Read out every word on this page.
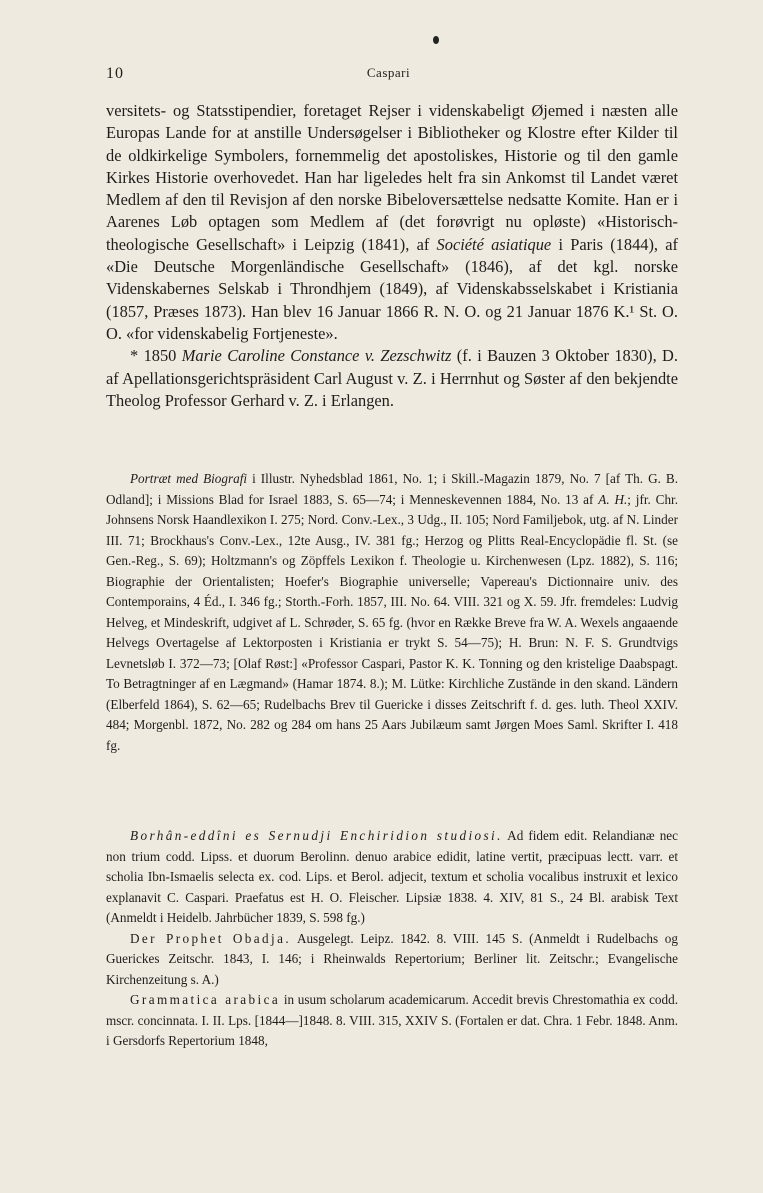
10	Caspari

versitets- og Statsstipendier, foretaget Rejser i videnskabeligt Øjemed i næsten alle Europas Lande for at anstille Undersøgelser i Bibliotheker og Klostre efter Kilder til de oldkirkelige Symbolers, fornemmelig det apostoliskes, Historie og til den gamle Kirkes Historie overhovedet. Han har ligeledes helt fra sin Ankomst til Landet været Medlem af den til Revisjon af den norske Bibeloversættelse nedsatte Komite. Han er i Aarenes Løb optagen som Medlem af (det forøvrigt nu opløste) «Historisch-theologische Gesellschaft» i Leipzig (1841), af Société asiatique i Paris (1844), af «Die Deutsche Morgenländische Gesellschaft» (1846), af det kgl. norske Videnskabernes Selskab i Throndhjem (1849), af Videnskabsselskabet i Kristiania (1857, Præses 1873). Han blev 16 Januar 1866 R. N. O. og 21 Januar 1876 K.¹ St. O. O. «for videnskabelig Fortjeneste».

* 1850 Marie Caroline Constance v. Zezschwitz (f. i Bauzen 3 Oktober 1830), D. af Apellationsgerichtspräsident Carl August v. Z. i Herrnhut og Søster af den bekjendte Theolog Professor Gerhard v. Z. i Erlangen.

Portræt med Biografi i Illustr. Nyhedsblad 1861, No. 1; i Skill.-Magazin 1879, No. 7 [af Th. G. B. Odland]; i Missions Blad for Israel 1883, S. 65—74; i Menneskevennen 1884, No. 13 af A. H.; jfr. Chr. Johnsens Norsk Haandlexikon I. 275; Nord. Conv.-Lex., 3 Udg., II. 105; Nord Familjebok, utg. af N. Linder III. 71; Brockhaus's Conv.-Lex., 12te Ausg., IV. 381 fg.; Herzog og Plitts Real-Encyclopädie fl. St. (se Gen.-Reg., S. 69); Holtzmann's og Zöpffels Lexikon f. Theologie u. Kirchenwesen (Lpz. 1882), S. 116; Biographie der Orientalisten; Hoefer's Biographie universelle; Vapereau's Dictionnaire univ. des Contemporains, 4 Éd., I. 346 fg.; Storth.-Forh. 1857, III. No. 64. VIII. 321 og X. 59. Jfr. fremdeles: Ludvig Helveg, et Mindeskrift, udgivet af L. Schrøder, S. 65 fg. (hvor en Række Breve fra W. A. Wexels angaaende Helvegs Overtagelse af Lektorposten i Kristiania er trykt S. 54—75); H. Brun: N. F. S. Grundtvigs Levnetsløb I. 372—73; [Olaf Røst:] «Professor Caspari, Pastor K. K. Tonning og den kristelige Daabspagt. To Betragtninger af en Lægmand» (Hamar 1874. 8.); M. Lütke: Kirchliche Zustände in den skand. Ländern (Elberfeld 1864), S. 62—65; Rudelbachs Brev til Guericke i disses Zeitschrift f. d. ges. luth. Theol XXIV. 484; Morgenbl. 1872, No. 282 og 284 om hans 25 Aars Jubilæum samt Jørgen Moes Saml. Skrifter I. 418 fg.

Borhân-eddîni es Sernudji Enchiridion studiosi. Ad fidem edit. Relandianæ nec non trium codd. Lipss. et duorum Berolinn. denuo arabice edidit, latine vertit, præcipuas lectt. varr. et scholia Ibn-Ismaelis selecta ex. cod. Lips. et Berol. adjecit, textum et scholia vocalibus instruxit et lexico explanavit C. Caspari. Praefatus est H. O. Fleischer. Lipsiæ 1838. 4. XIV, 81 S., 24 Bl. arabisk Text (Anmeldt i Heidelb. Jahrbücher 1839, S. 598 fg.)

Der Prophet Obadja. Ausgelegt. Leipz. 1842. 8. VIII. 145 S. (Anmeldt i Rudelbachs og Guerickes Zeitschr. 1843, I. 146; i Rheinwalds Repertorium; Berliner lit. Zeitschr.; Evangelische Kirchenzeitung s. A.)

Grammatica arabica in usum scholarum academicarum. Accedit brevis Chrestomathia ex codd. mscr. concinnata. I. II. Lps. [1844—]1848. 8. VIII. 315, XXIV S. (Fortalen er dat. Chra. 1 Febr. 1848. Anm. i Gersdorfs Repertorium 1848,
